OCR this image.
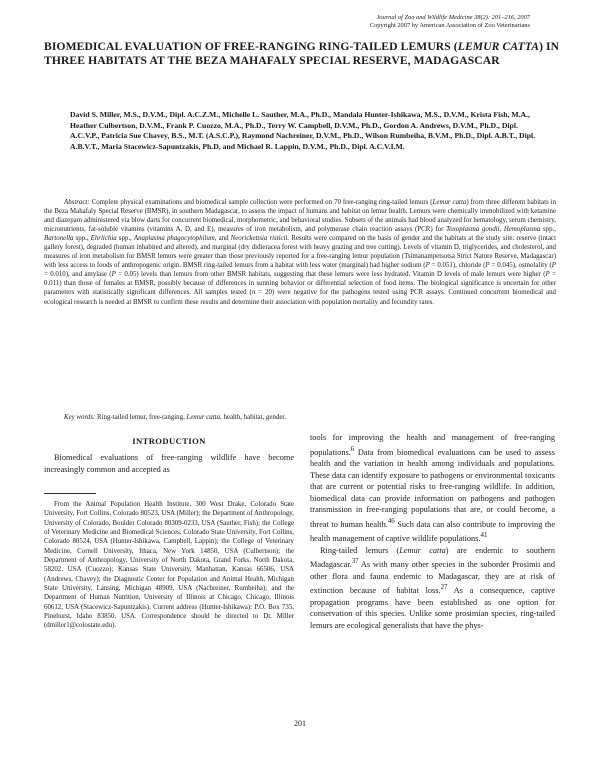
Journal of Zoo and Wildlife Medicine 38(2): 201–216, 2007
Copyright 2007 by American Association of Zoo Veterinarians
BIOMEDICAL EVALUATION OF FREE-RANGING RING-TAILED LEMURS (LEMUR CATTA) IN THREE HABITATS AT THE BEZA MAHAFALY SPECIAL RESERVE, MADAGASCAR

David S. Miller, M.S., D.V.M., Dipl. A.C.Z.M., Michelle L. Sauther, M.A., Ph.D., Mandala Hunter-Ishikawa, M.S., D.V.M., Krista Fish, M.A., Heather Culbertson, D.V.M., Frank P. Cuozzo, M.A., Ph.D., Terry W. Campbell, D.V.M., Ph.D., Gordon A. Andrews, D.V.M., Ph.D., Dipl. A.C.V.P., Patricia Sue Chavey, B.S., M.T. (A.S.C.P.), Raymond Nachreiner, D.V.M., Ph.D., Wilson Rumbeiha, B.V.M., Ph.D., Dipl. A.B.T., Dipl. A.B.V.T., Maria Stacewicz-Sapuntzakis, Ph.D, and Michael R. Lappin, D.V.M., Ph.D., Dipl. A.C.V.I.M.

Abstract: Complete physical examinations and biomedical sample collection were performed on 70 free-ranging ring-tailed lemurs (Lemur catta) from three different habitats in the Beza Mahafaly Special Reserve (BMSR), in southern Madagascar, to assess the impact of humans and habitat on lemur health. Lemurs were chemically immobilized with ketamine and diazepam administered via blow darts for concurrent biomedical, morphometric, and behavioral studies. Subsets of the animals had blood analyzed for hematology, serum chemistry, micronutrients, fat-soluble vitamins (vitamins A, D, and E), measures of iron metabolism, and polymerase chain reaction assays (PCR) for Toxoplasma gondii, Hemoplasma spp., Bartonella spp., Ehrlichia spp., Anaplasma phagocytophilum, and Neorickettsia risticii. Results were compared on the basis of gender and the habitats at the study site: reserve (intact gallery forest), degraded (human inhabited and altered), and marginal (dry didieracea forest with heavy grazing and tree cutting). Levels of vitamin D, triglycerides, and cholesterol, and measures of iron metabolism for BMSR lemurs were greater than those previously reported for a free-ranging lemur population (Tsimanampetsotsa Strict Nature Reserve, Madagascar) with less access to foods of anthropogenic origin. BMSR ring-tailed lemurs from a habitat with less water (marginal) had higher sodium (P = 0.051), chloride (P = 0.045), osmolality (P = 0.010), and amylase (P = 0.05) levels than lemurs from other BMSR habitats, suggesting that these lemurs were less hydrated. Vitamin D levels of male lemurs were higher (P = 0.011) than those of females at BMSR, possibly because of differences in sunning behavior or differential selection of food items. The biological significance is uncertain for other parameters with statistically significant differences. All samples tested (n = 20) were negative for the pathogens tested using PCR assays. Continued concurrent biomedical and ecological research is needed at BMSR to confirm these results and determine their association with population mortality and fecundity rates.

Key words: Ring-tailed lemur, free-ranging, Lemur catta, health, habitat, gender.

INTRODUCTION

Biomedical evaluations of free-ranging wildlife have become increasingly common and accepted as

From the Animal Population Health Institute, 300 West Drake, Colorado State University, Fort Collins, Colorado 80523, USA (Miller); the Department of Anthropology, University of Colorado, Boulder Colorado 80309-0233, USA (Sauther, Fish); the College of Veterinary Medicine and Biomedical Sciences, Colorado State University, Fort Collins, Colorado 80524, USA (Hunter-Ishikawa, Campbell, Lappin); the College of Veterinary Medicine, Cornell University, Ithaca, New York 14850, USA (Culbertson); the Department of Anthropology, University of North Dakota, Grand Forks, North Dakota, 58202, USA (Cuozzo); Kansas State University, Manhattan, Kansas 66506, USA (Andrews, Chavey); the Diagnostic Center for Population and Animal Health, Michigan State University, Lansing, Michigan 48909, USA (Nachreiner, Rumbeiha); and the Department of Human Nutrition, University of Illinois at Chicago, Chicago, Illinois 60612, USA (Stacewicz-Sapuntzakis). Current address (Hunter-Ishikawa): P.O. Box 735, Pinehurst, Idaho 83850, USA. Correspondence should be directed to Dr. Miller (dmiller1@colostate.edu).

tools for improving the health and management of free-ranging populations.$^6$ Data from biomedical evaluations can be used to assess health and the variation in health among individuals and populations. These data can identify exposure to pathogens or environmental toxicants that are current or potential risks to free-ranging wildlife. In addition, biomedical data can provide information on pathogens and pathogen transmission in free-ranging populations that are, or could become, a threat to human health.$^{46}$ Such data can also contribute to improving the health management of captive wildlife populations.$^{41}$

Ring-tailed lemurs (Lemur catta) are endemic to southern Madagascar.$^{37}$ As with many other species in the suborder Prosimii and other flora and fauna endemic to Madagascar, they are at risk of extinction because of habitat loss.$^{27}$ As a consequence, captive propagation programs have been established as one option for conservation of this species. Unlike some prosimian species, ring-tailed lemurs are ecological generalists that have the phys-

201
